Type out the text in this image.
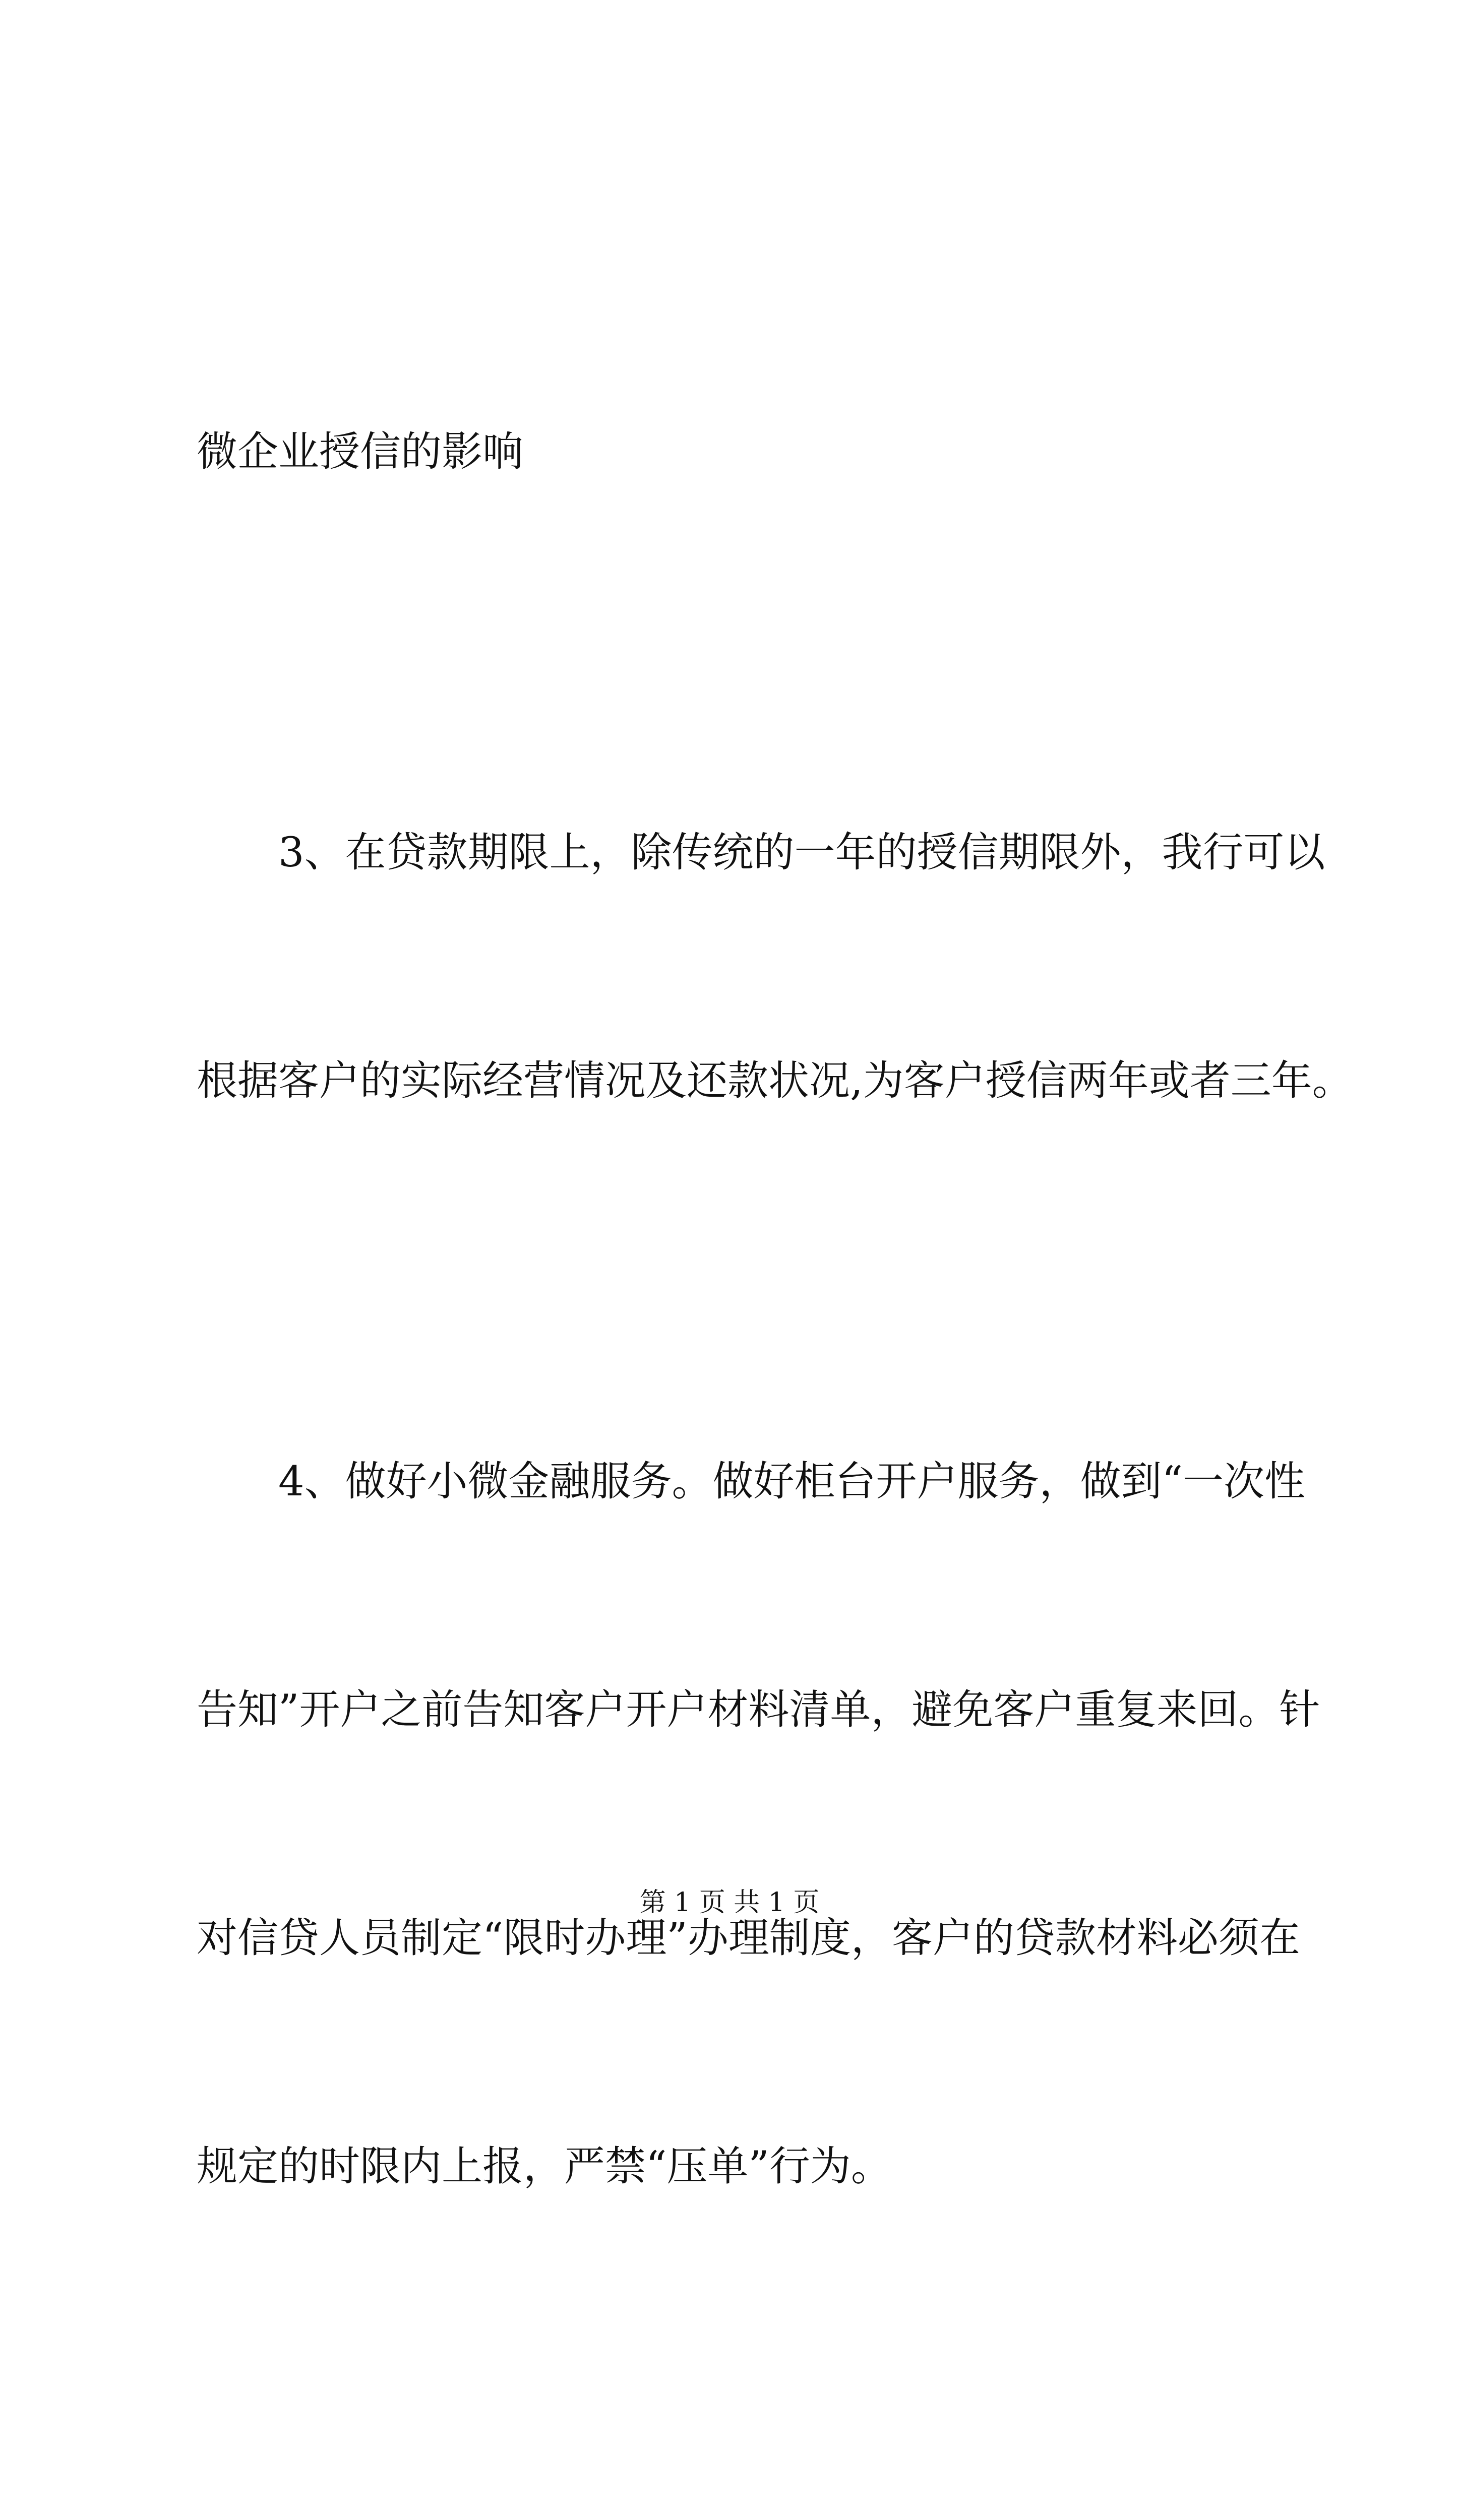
微企业授信的影响

　　3、在贷款期限上，除传统的一年的授信期限外，我行可以

根据客户的实际经营情况及还款状况,为客户授信两年或者三年。

　　4、做好小微金融服务。做好柜台开户服务，做到“一次性

告知”开户之前告知客户开户材料清单，避免客户重复来回。针

对信贷人员制定“限时办理”办理制度，客户的贷款材料必须在

规定的时限内上报，严禁“压单”行为。

第 1 页 共 1 页
